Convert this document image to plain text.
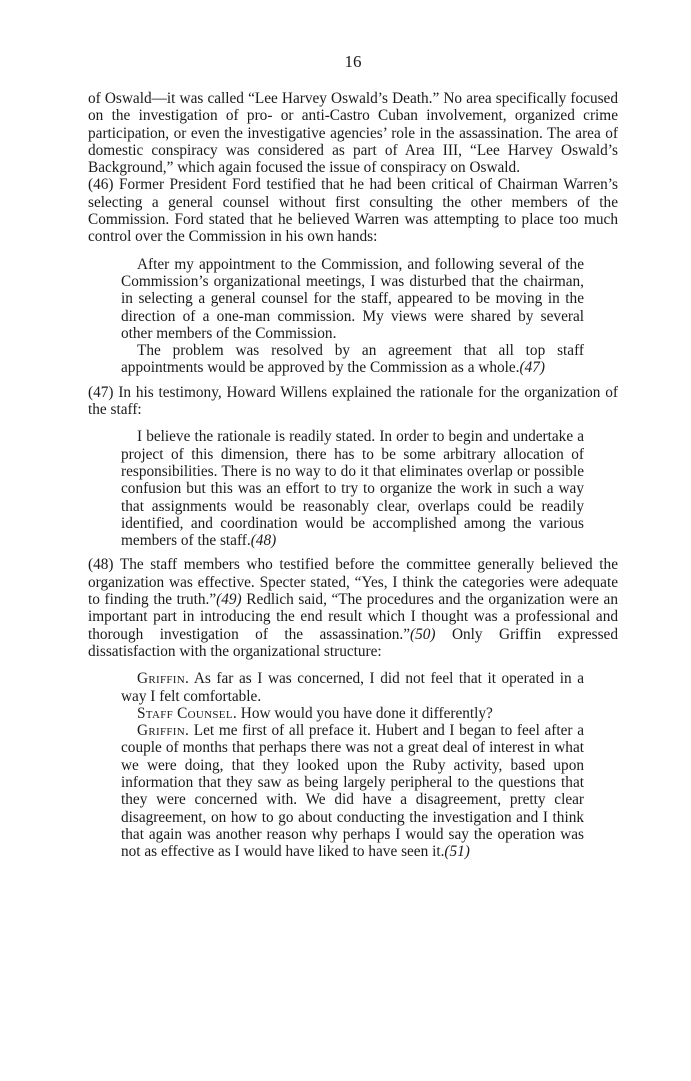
16

of Oswald—it was called “Lee Harvey Oswald’s Death.” No area specifically focused on the investigation of pro- or anti-Castro Cuban involvement, organized crime participation, or even the investigative agencies’ role in the assassination. The area of domestic conspiracy was considered as part of Area III, “Lee Harvey Oswald’s Background,” which again focused the issue of conspiracy on Oswald.

(46) Former President Ford testified that he had been critical of Chairman Warren’s selecting a general counsel without first consulting the other members of the Commission. Ford stated that he believed Warren was attempting to place too much control over the Commission in his own hands:

After my appointment to the Commission, and following several of the Commission’s organizational meetings, I was disturbed that the chairman, in selecting a general counsel for the staff, appeared to be moving in the direction of a one-man commission. My views were shared by several other members of the Commission.

The problem was resolved by an agreement that all top staff appointments would be approved by the Commission as a whole.(47)

(47) In his testimony, Howard Willens explained the rationale for the organization of the staff:

I believe the rationale is readily stated. In order to begin and undertake a project of this dimension, there has to be some arbitrary allocation of responsibilities. There is no way to do it that eliminates overlap or possible confusion but this was an effort to try to organize the work in such a way that assignments would be reasonably clear, overlaps could be readily identified, and coordination would be accomplished among the various members of the staff.(48)

(48) The staff members who testified before the committee generally believed the organization was effective. Specter stated, “Yes, I think the categories were adequate to finding the truth.”(49) Redlich said, “The procedures and the organization were an important part in introducing the end result which I thought was a professional and thorough investigation of the assassination.”(50) Only Griffin expressed dissatisfaction with the organizational structure:

Griffin. As far as I was concerned, I did not feel that it operated in a way I felt comfortable.

Staff Counsel. How would you have done it differently?

Griffin. Let me first of all preface it. Hubert and I began to feel after a couple of months that perhaps there was not a great deal of interest in what we were doing, that they looked upon the Ruby activity, based upon information that they saw as being largely peripheral to the questions that they were concerned with. We did have a disagreement, pretty clear disagreement, on how to go about conducting the investigation and I think that again was another reason why perhaps I would say the operation was not as effective as I would have liked to have seen it.(51)
